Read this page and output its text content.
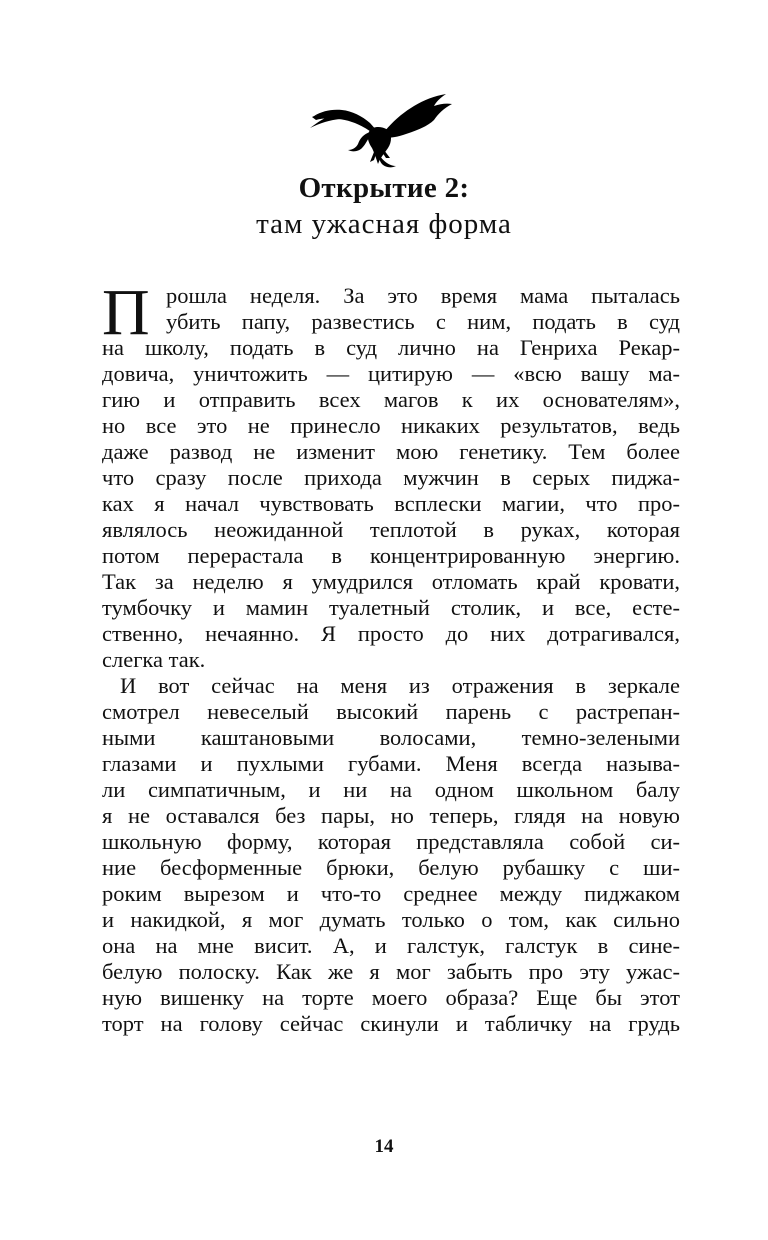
Открытие 2:
там ужасная форма
П рошла неделя. За это время мама пыталась
убить папу, развестись с ним, подать в суд
на школу, подать в суд лично на Генриха Рекар-
довича, уничтожить — цитирую — «всю вашу ма-
гию и отправить всех магов к их основателям»,
но все это не принесло никаких результатов, ведь
даже развод не изменит мою генетику. Тем более
что сразу после прихода мужчин в серых пиджа-
ках я начал чувствовать всплески магии, что про-
являлось неожиданной теплотой в руках, которая
потом перерастала в концентрированную энергию.
Так за неделю я умудрился отломать край кровати,
тумбочку и мамин туалетный столик, и все, есте-
ственно, нечаянно. Я просто до них дотрагивался,
слегка так.
И вот сейчас на меня из отражения в зеркале
смотрел невеселый высокий парень с растрепан-
ными каштановыми волосами, темно-зелеными
глазами и пухлыми губами. Меня всегда называ-
ли симпатичным, и ни на одном школьном балу
я не оставался без пары, но теперь, глядя на новую
школьную форму, которая представляла собой си-
ние бесформенные брюки, белую рубашку с ши-
роким вырезом и что-то среднее между пиджаком
и накидкой, я мог думать только о том, как сильно
она на мне висит. А, и галстук, галстук в сине-
белую полоску. Как же я мог забыть про эту ужас-
ную вишенку на торте моего образа? Еще бы этот
торт на голову сейчас скинули и табличку на грудь
14
